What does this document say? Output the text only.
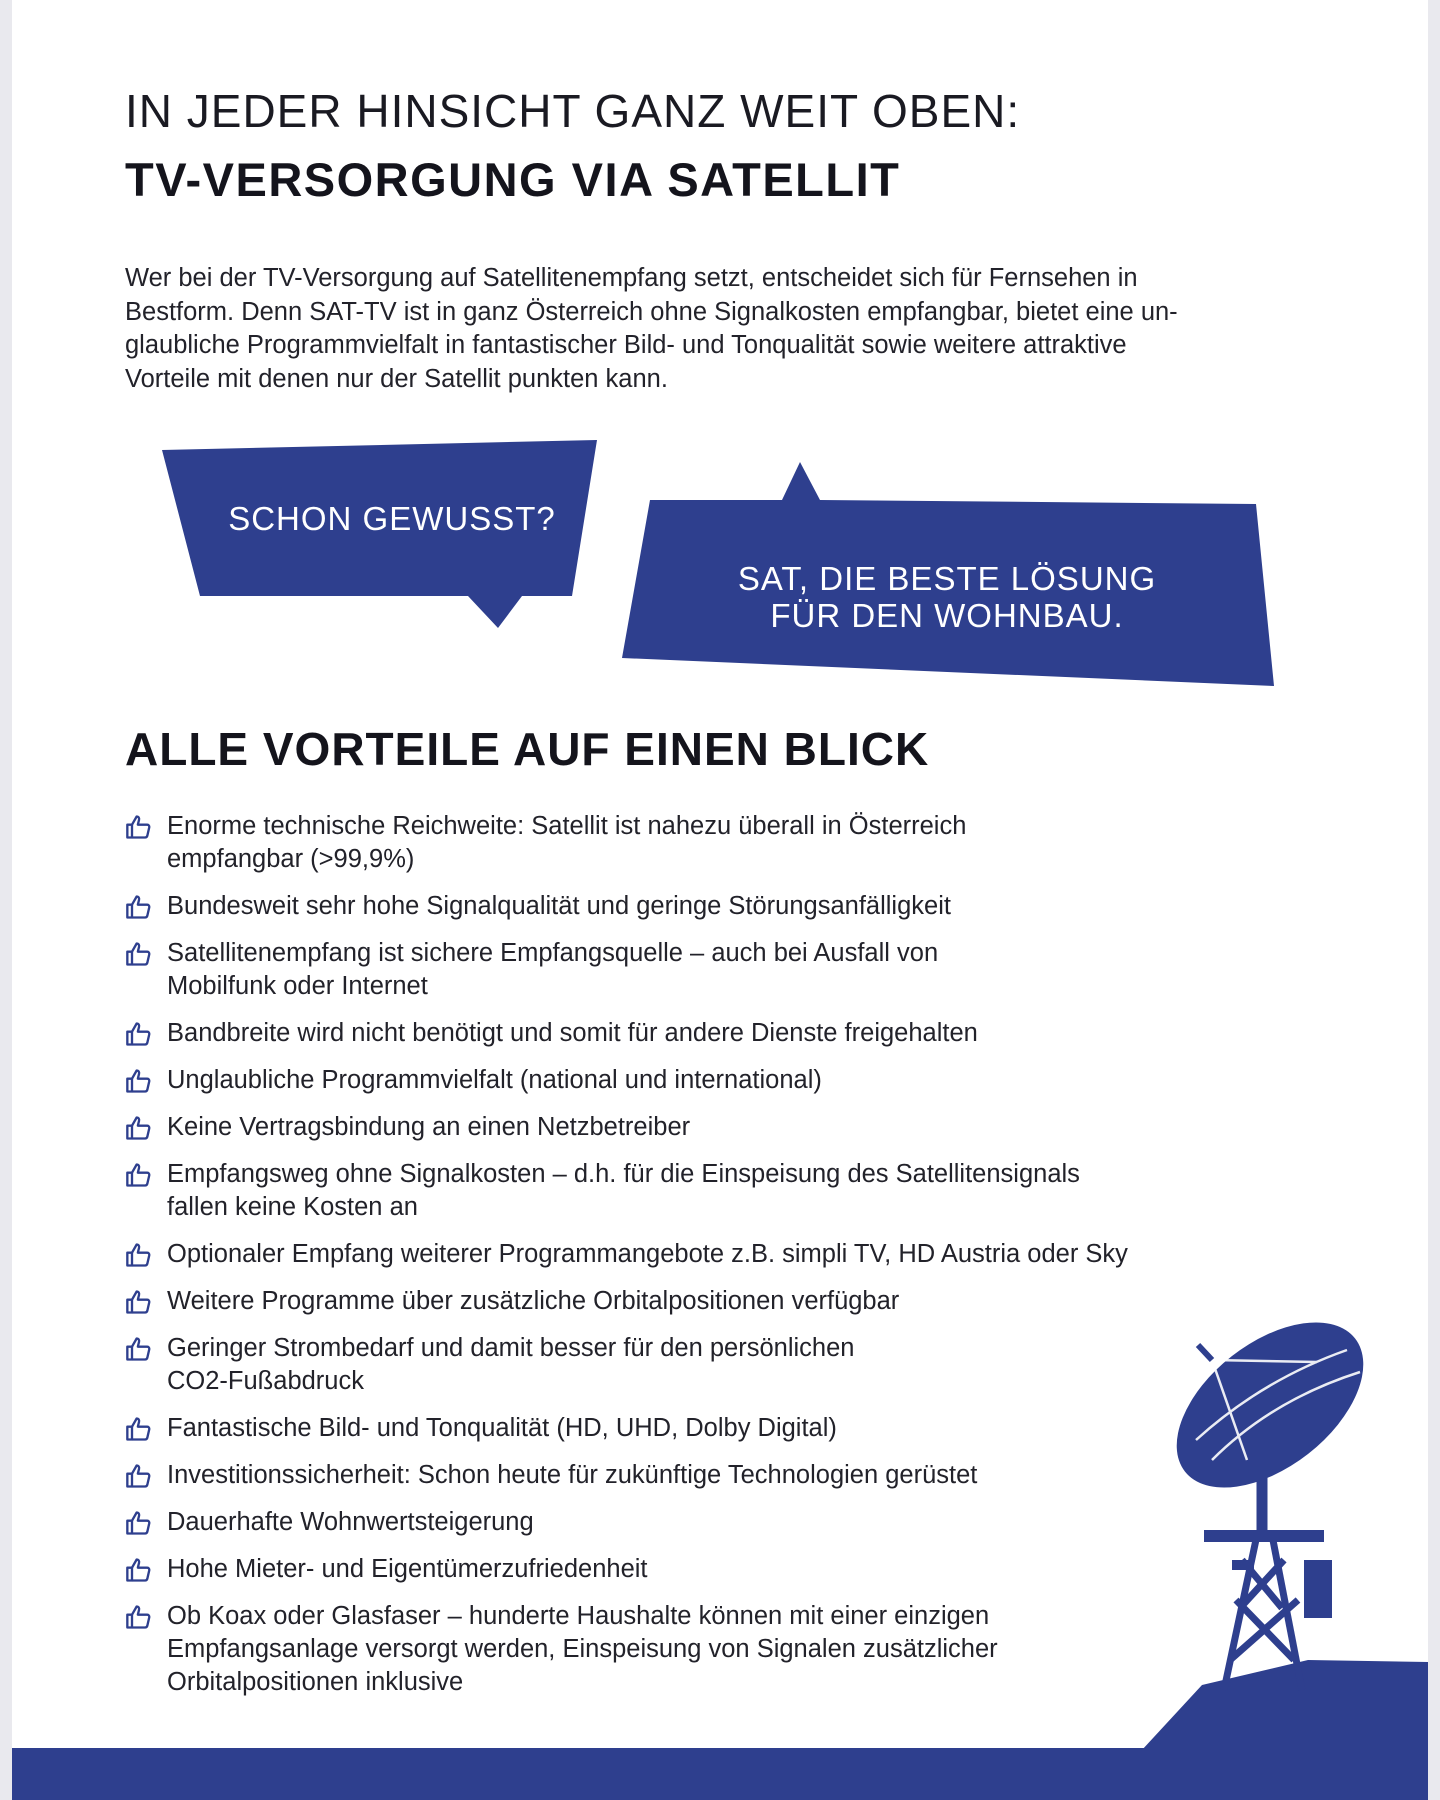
IN JEDER HINSICHT GANZ WEIT OBEN:
TV-VERSORGUNG VIA SATELLIT

Wer bei der TV-Versorgung auf Satellitenempfang setzt, entscheidet sich für Fernsehen in
Bestform. Denn SAT-TV ist in ganz Österreich ohne Signalkosten empfangbar, bietet eine un-
glaubliche Programmvielfalt in fantastischer Bild- und Tonqualität sowie weitere attraktive
Vorteile mit denen nur der Satellit punkten kann.

SCHON GEWUSST?
SAT, DIE BESTE LÖSUNG
FÜR DEN WOHNBAU.
ALLE VORTEILE AUF EINEN BLICK
Enorme technische Reichweite: Satellit ist nahezu überall in Österreich
empfangbar (>99,9%)
Bundesweit sehr hohe Signalqualität und geringe Störungsanfälligkeit
Satellitenempfang ist sichere Empfangsquelle – auch bei Ausfall von
Mobilfunk oder Internet
Bandbreite wird nicht benötigt und somit für andere Dienste freigehalten
Unglaubliche Programmvielfalt (national und international)
Keine Vertragsbindung an einen Netzbetreiber
Empfangsweg ohne Signalkosten – d.h. für die Einspeisung des Satellitensignals
fallen keine Kosten an
Optionaler Empfang weiterer Programmangebote z.B. simpli TV, HD Austria oder Sky
Weitere Programme über zusätzliche Orbitalpositionen verfügbar
Geringer Strombedarf und damit besser für den persönlichen
CO2-Fußabdruck
Fantastische Bild- und Tonqualität (HD, UHD, Dolby Digital)
Investitionssicherheit: Schon heute für zukünftige Technologien gerüstet
Dauerhafte Wohnwertsteigerung
Hohe Mieter- und Eigentümerzufriedenheit
Ob Koax oder Glasfaser – hunderte Haushalte können mit einer einzigen
Empfangsanlage versorgt werden, Einspeisung von Signalen zusätzlicher
Orbitalpositionen inklusive
